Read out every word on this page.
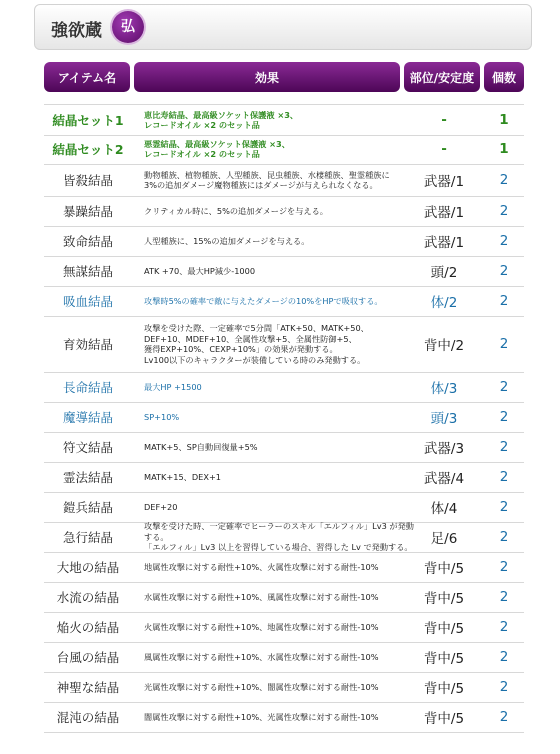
強欲蔵	弘
アイテム名	効果	部位/安定度	個数
結晶セット1	恵比寿結晶、最高級ソケット保護液 ×3、
レコードオイル ×2 のセット品	-	1
結晶セット2	悪霊結晶、最高級ソケット保護液 ×3、
レコードオイル ×2 のセット品	-	1
皆殺結晶	動物種族、植物種族、人型種族、昆虫種族、水棲種族、聖霊種族に
3%の追加ダメージ魔物種族にはダメージが与えられなくなる。	武器/1	2
暴躁結晶	クリティカル時に、5%の追加ダメージを与える。	武器/1	2
致命結晶	人型種族に、15%の追加ダメージを与える。	武器/1	2
無謀結晶	ATK +70、最大HP減少-1000	頭/2	2
吸血結晶	攻撃時5%の確率で敵に与えたダメージの10%をHPで吸収する。	体/2	2
育効結晶
攻撃を受けた際、一定確率で5分間「ATK+50、MATK+50、
DEF+10、MDEF+10、全属性攻撃+5、全属性防御+5、
獲得EXP+10%、CEXP+10%」の効果が発動する。
Lv100以下のキャラクターが装備している時のみ発動する。
背中/2	2
長命結晶	最大HP +1500	体/3	2
魔導結晶	SP+10%	頭/3	2
符文結晶	MATK+5、SP自動回復量+5%	武器/3	2
霊法結晶	MATK+15、DEX+1	武器/4	2
鎧兵結晶	DEF+20	体/4	2
急行結晶
攻撃を受けた時、一定確率でヒーラーのスキル「エルフィル」Lv3 が発動する。
「エルフィル」Lv3 以上を習得している場合、習得した Lv で発動する。
足/6	2
大地の結晶	地属性攻撃に対する耐性+10%、火属性攻撃に対する耐性-10%	背中/5	2
水流の結晶	水属性攻撃に対する耐性+10%、風属性攻撃に対する耐性-10%	背中/5	2
焔火の結晶	火属性攻撃に対する耐性+10%、地属性攻撃に対する耐性-10%	背中/5	2
台風の結晶	風属性攻撃に対する耐性+10%、水属性攻撃に対する耐性-10%	背中/5	2
神聖な結晶	光属性攻撃に対する耐性+10%、闇属性攻撃に対する耐性-10%	背中/5	2
混沌の結晶	闇属性攻撃に対する耐性+10%、光属性攻撃に対する耐性-10%	背中/5	2
